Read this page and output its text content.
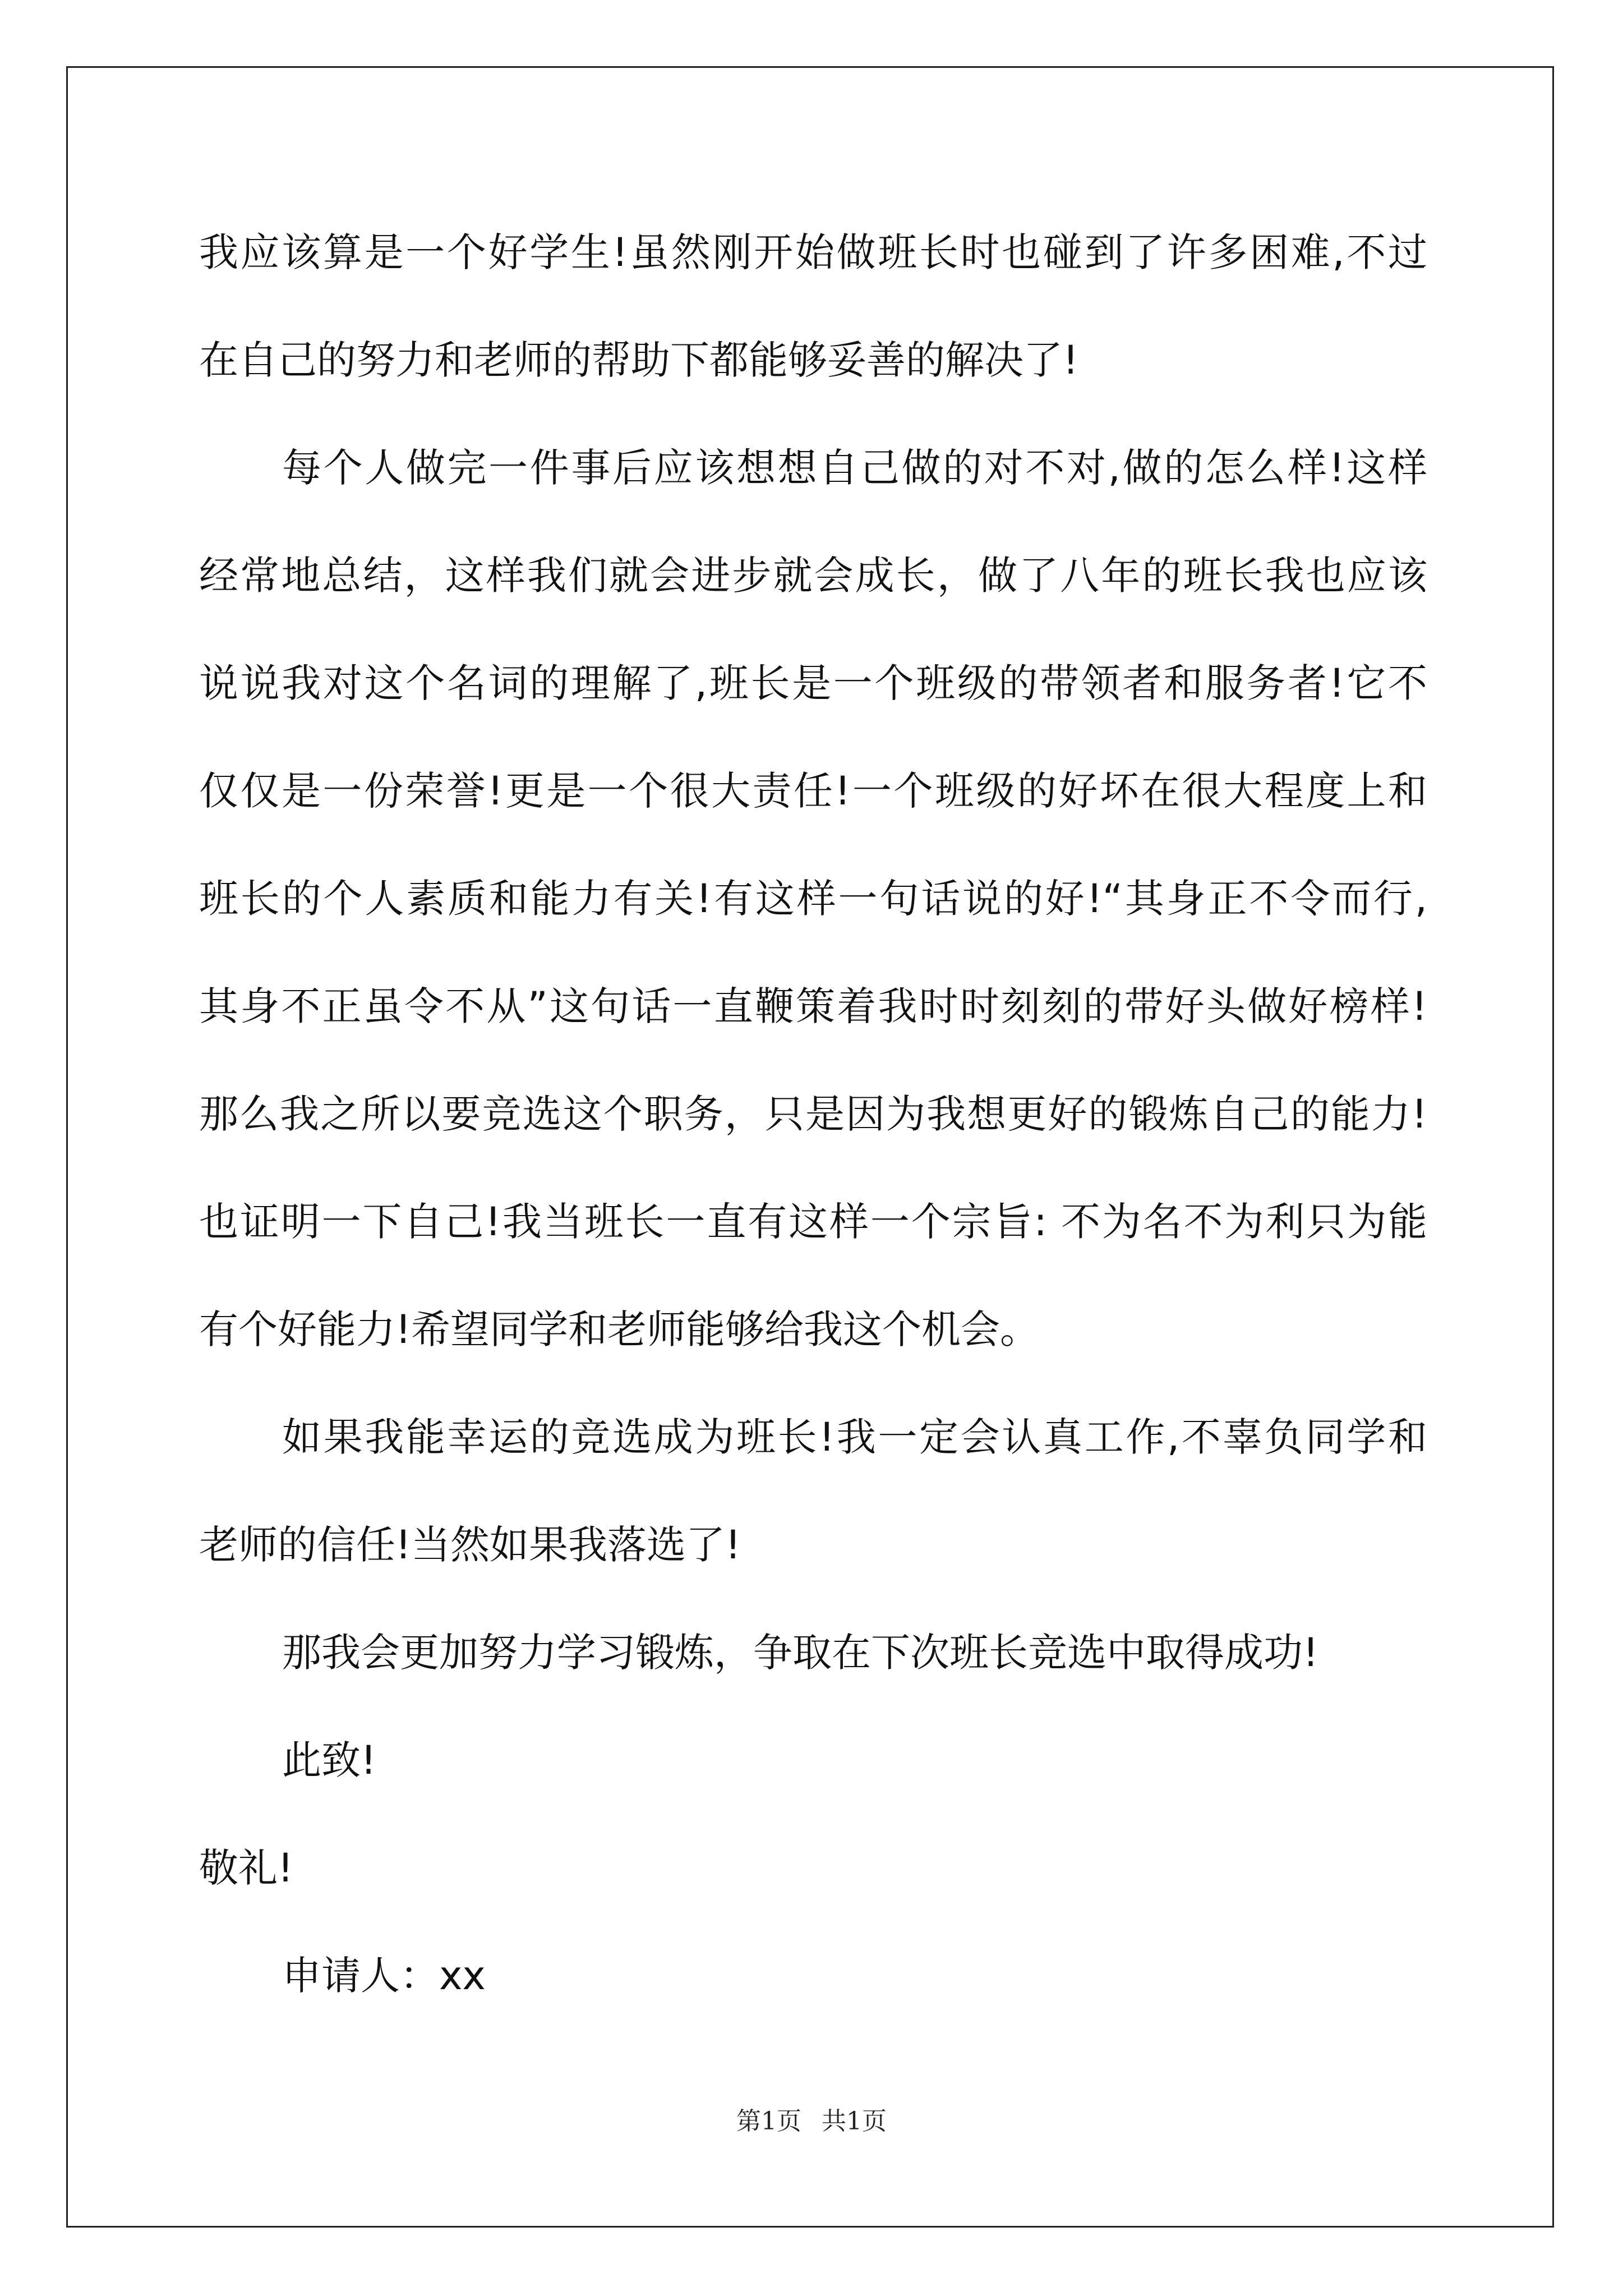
我应该算是一个好学生!虽然刚开始做班长时也碰到了许多困难,不过
在自己的努力和老师的帮助下都能够妥善的解决了!
每个人做完一件事后应该想想自己做的对不对,做的怎么样!这样
经常地总结，这样我们就会进步就会成长，做了八年的班长我也应该
说说我对这个名词的理解了,班长是一个班级的带领者和服务者!它不
仅仅是一份荣誉!更是一个很大责任!一个班级的好坏在很大程度上和
班长的个人素质和能力有关!有这样一句话说的好!“其身正不令而行,
其身不正虽令不从”这句话一直鞭策着我时时刻刻的带好头做好榜样!
那么我之所以要竞选这个职务，只是因为我想更好的锻炼自己的能力!
也证明一下自己!我当班长一直有这样一个宗旨: 不为名不为利只为能
有个好能力!希望同学和老师能够给我这个机会。
如果我能幸运的竞选成为班长!我一定会认真工作,不辜负同学和
老师的信任!当然如果我落选了!
那我会更加努力学习锻炼，争取在下次班长竞选中取得成功!
此致!
敬礼!
申请人：xx
第1页 共1页
